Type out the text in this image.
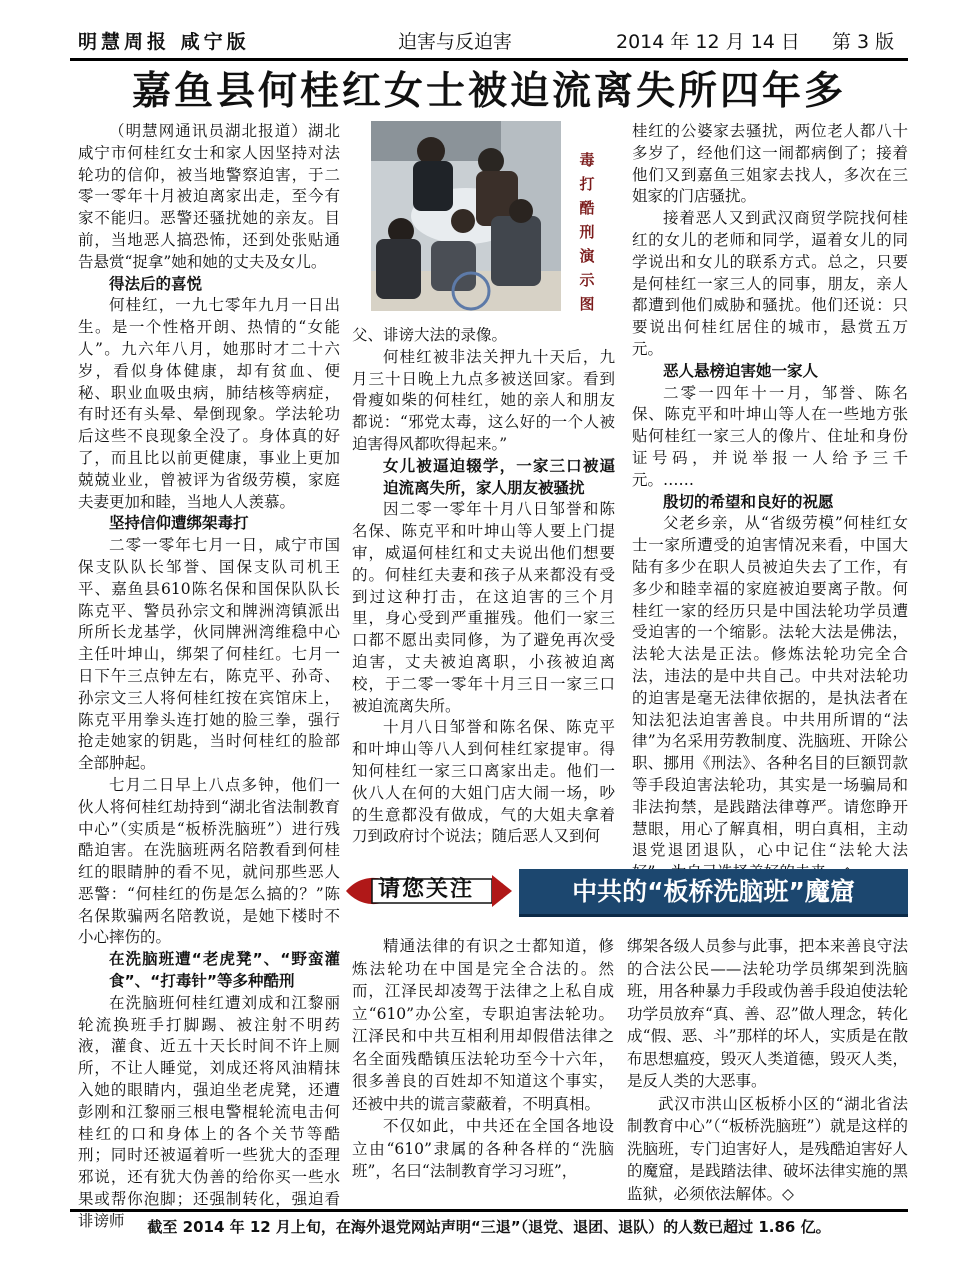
明慧周报 咸宁版	迫害与反迫害	2014 年 12 月 14 日 第 3 版
嘉鱼县何桂红女士被迫流离失所四年多

（明慧网通讯员湖北报道）湖北咸宁市何桂红女士和家人因坚持对法轮功的信仰，被当地警察迫害，于二零一零年十月被迫离家出走，至今有家不能归。恶警还骚扰她的亲友。目前，当地恶人搞恐怖，还到处张贴通告悬赏“捉拿”她和她的丈夫及女儿。

得法后的喜悦

何桂红，一九七零年九月一日出生。是一个性格开朗、热情的“女能人”。九六年八月，她那时才二十六岁，看似身体健康，却有贫血、便秘、职业血吸虫病，肺结核等病症，有时还有头晕、晕倒现象。学法轮功后这些不良现象全没了。身体真的好了，而且比以前更健康，事业上更加兢兢业业，曾被评为省级劳模，家庭夫妻更加和睦，当地人人羡慕。

坚持信仰遭绑架毒打

二零一零年七月一日，咸宁市国保支队队长邹誉、国保支队司机王平、嘉鱼县610陈名保和国保队队长陈克平、警员孙宗文和牌洲湾镇派出所所长龙基学，伙同牌洲湾维稳中心主任叶坤山，绑架了何桂红。七月一日下午三点钟左右，陈克平、孙奇、孙宗文三人将何桂红按在宾馆床上，陈克平用拳头连打她的脸三拳，强行抢走她家的钥匙，当时何桂红的脸部全部肿起。

七月二日早上八点多钟，他们一伙人将何桂红劫持到“湖北省法制教育中心”（实质是“板桥洗脑班”）进行残酷迫害。在洗脑班两名陪教看到何桂红的眼睛肿的看不见，就问那些恶人恶警：“何桂红的伤是怎么搞的？”陈名保欺骗两名陪教说，是她下楼时不小心摔伤的。

在洗脑班遭“老虎凳”、“野蛮灌食”、“打毒针”等多种酷刑

在洗脑班何桂红遭刘成和江黎丽轮流换班手打脚踢、被注射不明药液，灌食、近五十天长时间不许上厕所，不让人睡觉，刘成还将风油精抹入她的眼睛内，强迫坐老虎凳，还遭彭刚和江黎丽三根电警棍轮流电击何桂红的口和身体上的各个关节等酷刑；同时还被逼着听一些犹大的歪理邪说，还有犹大伪善的给你买一些水果或帮你泡脚；还强制转化，强迫看诽谤师

毒打酷刑演示图

父、诽谤大法的录像。

何桂红被非法关押九十天后，九月三十日晚上九点多被送回家。看到骨瘦如柴的何桂红，她的亲人和朋友都说：“邪党太毒，这么好的一个人被迫害得风都吹得起来。”

女儿被逼迫辍学，一家三口被逼迫流离失所，家人朋友被骚扰

因二零一零年十月八日邹誉和陈名保、陈克平和叶坤山等人要上门提审，威逼何桂红和丈夫说出他们想要的。何桂红夫妻和孩子从来都没有受到过这种打击，在这迫害的三个月里，身心受到严重摧残。他们一家三口都不愿出卖同修，为了避免再次受迫害，丈夫被迫离职，小孩被迫离校，于二零一零年十月三日一家三口被迫流离失所。

十月八日邹誉和陈名保、陈克平和叶坤山等八人到何桂红家提审。得知何桂红一家三口离家出走。他们一伙八人在何的大姐门店大闹一场，吵的生意都没有做成，气的大姐夫拿着刀到政府讨个说法；随后恶人又到何

桂红的公婆家去骚扰，两位老人都八十多岁了，经他们这一闹都病倒了；接着他们又到嘉鱼三姐家去找人，多次在三姐家的门店骚扰。

接着恶人又到武汉商贸学院找何桂红的女儿的老师和同学，逼着女儿的同学说出和女儿的联系方式。总之，只要是何桂红一家三人的同事，朋友，亲人都遭到他们威胁和骚扰。他们还说：只要说出何桂红居住的城市，悬赏五万元。

恶人悬榜迫害她一家人

二零一四年十一月，邹誉、陈名保、陈克平和叶坤山等人在一些地方张贴何桂红一家三人的像片、住址和身份证号码，并说举报一人给予三千元。……

殷切的希望和良好的祝愿

父老乡亲，从“省级劳模”何桂红女士一家所遭受的迫害情况来看，中国大陆有多少在职人员被迫失去了工作，有多少和睦幸福的家庭被迫要离子散。何桂红一家的经历只是中国法轮功学员遭受迫害的一个缩影。法轮大法是佛法，法轮大法是正法。修炼法轮功完全合法，违法的是中共自己。中共对法轮功的迫害是毫无法律依据的，是执法者在知法犯法迫害善良。中共用所谓的“法律”为名采用劳教制度、洗脑班、开除公职、挪用《刑法》、各种名目的巨额罚款等手段迫害法轮功，其实是一场骗局和非法拘禁，是践踏法律尊严。请您睁开慧眼，用心了解真相，明白真相，主动退党退团退队，心中记住“法轮大法

请您关注	中共的“板桥洗脑班”魔窟

精通法律的有识之士都知道，修炼法轮功在中国是完全合法的。然而，江泽民却凌驾于法律之上私自成立“610”办公室，专职迫害法轮功。江泽民和中共互相利用却假借法律之名全面残酷镇压法轮功至今十六年，很多善良的百姓却不知道这个事实，还被中共的谎言蒙蔽着，不明真相。

不仅如此，中共还在全国各地设立由“610”隶属的各种各样的“洗脑班”，名曰“法制教育学习习班”，

绑架各级人员参与此事，把本来善良守法的合法公民——法轮功学员绑架到洗脑班，用各种暴力手段或伪善手段迫使法轮功学员放弃“真、善、忍”做人理念，转化成“假、恶、斗”那样的坏人，实质是在散布思想瘟疫，毁灭人类道德，毁灭人类，是反人类的大恶事。

武汉市洪山区板桥小区的“湖北省法制教育中心”（“板桥洗脑班”）就是这样的洗脑班，专门迫害好人，是残酷迫害好人的魔窟，是践踏法律、破坏法律实施的黑监狱，必须依法解体。◇

截至 2014 年 12 月上旬，在海外退党网站声明“三退”（退党、退团、退队）的人数已超过 1.86 亿。
